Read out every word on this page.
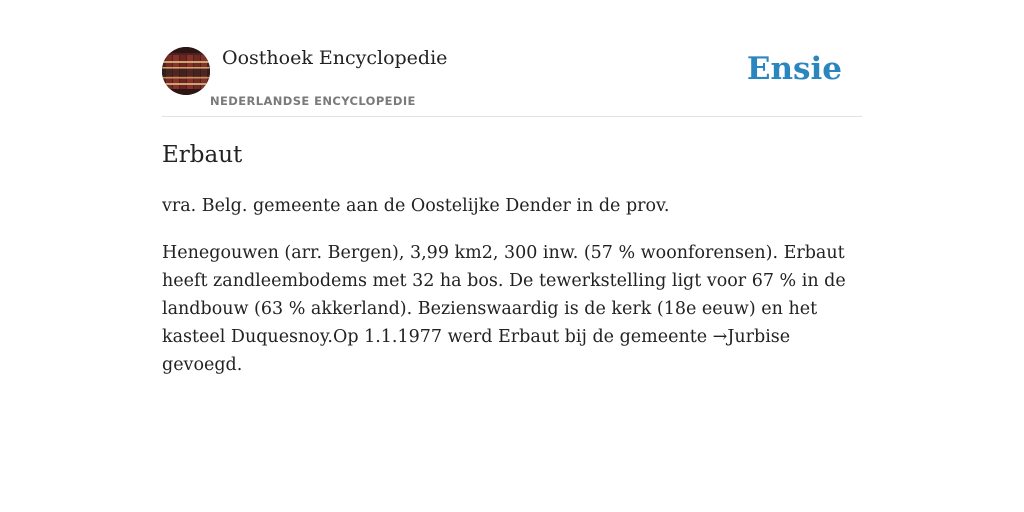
Oosthoek Encyclopedie
NEDERLANDSE ENCYCLOPEDIE
Ensie
Erbaut

vra. Belg. gemeente aan de Oostelijke Dender in de prov.

Henegouwen (arr. Bergen), 3,99 km2, 300 inw. (57 % woonforensen). Erbaut heeft zandleembodems met 32 ha bos. De tewerkstelling ligt voor 67 % in de landbouw (63 % akkerland). Bezienswaardig is de kerk (18e eeuw) en het kasteel Duquesnoy.Op 1.1.1977 werd Erbaut bij de gemeente →Jurbise gevoegd.
